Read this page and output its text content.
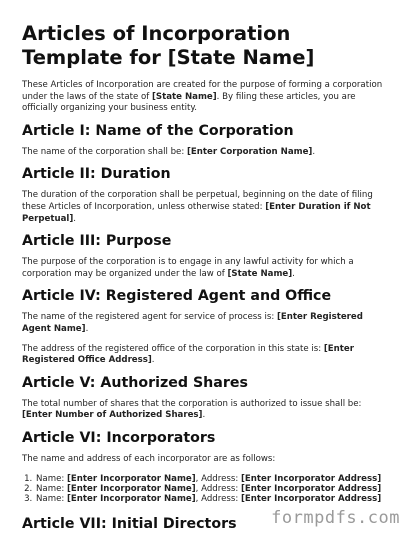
Articles of Incorporation Template for [State Name]

These Articles of Incorporation are created for the purpose of forming a corporation under the laws of the state of [State Name]. By filing these articles, you are officially organizing your business entity.

Article I: Name of the Corporation

The name of the corporation shall be: [Enter Corporation Name].

Article II: Duration

The duration of the corporation shall be perpetual, beginning on the date of filing these Articles of Incorporation, unless otherwise stated: [Enter Duration if Not Perpetual].

Article III: Purpose

The purpose of the corporation is to engage in any lawful activity for which a corporation may be organized under the law of [State Name].

Article IV: Registered Agent and Office

The name of the registered agent for service of process is: [Enter Registered Agent Name].

The address of the registered office of the corporation in this state is: [Enter Registered Office Address].

Article V: Authorized Shares

The total number of shares that the corporation is authorized to issue shall be: [Enter Number of Authorized Shares].

Article VI: Incorporators

The name and address of each incorporator are as follows:

1. Name: [Enter Incorporator Name], Address: [Enter Incorporator Address]
2. Name: [Enter Incorporator Name], Address: [Enter Incorporator Address]
3. Name: [Enter Incorporator Name], Address: [Enter Incorporator Address]
Article VII: Initial Directors	formpdfs.com
